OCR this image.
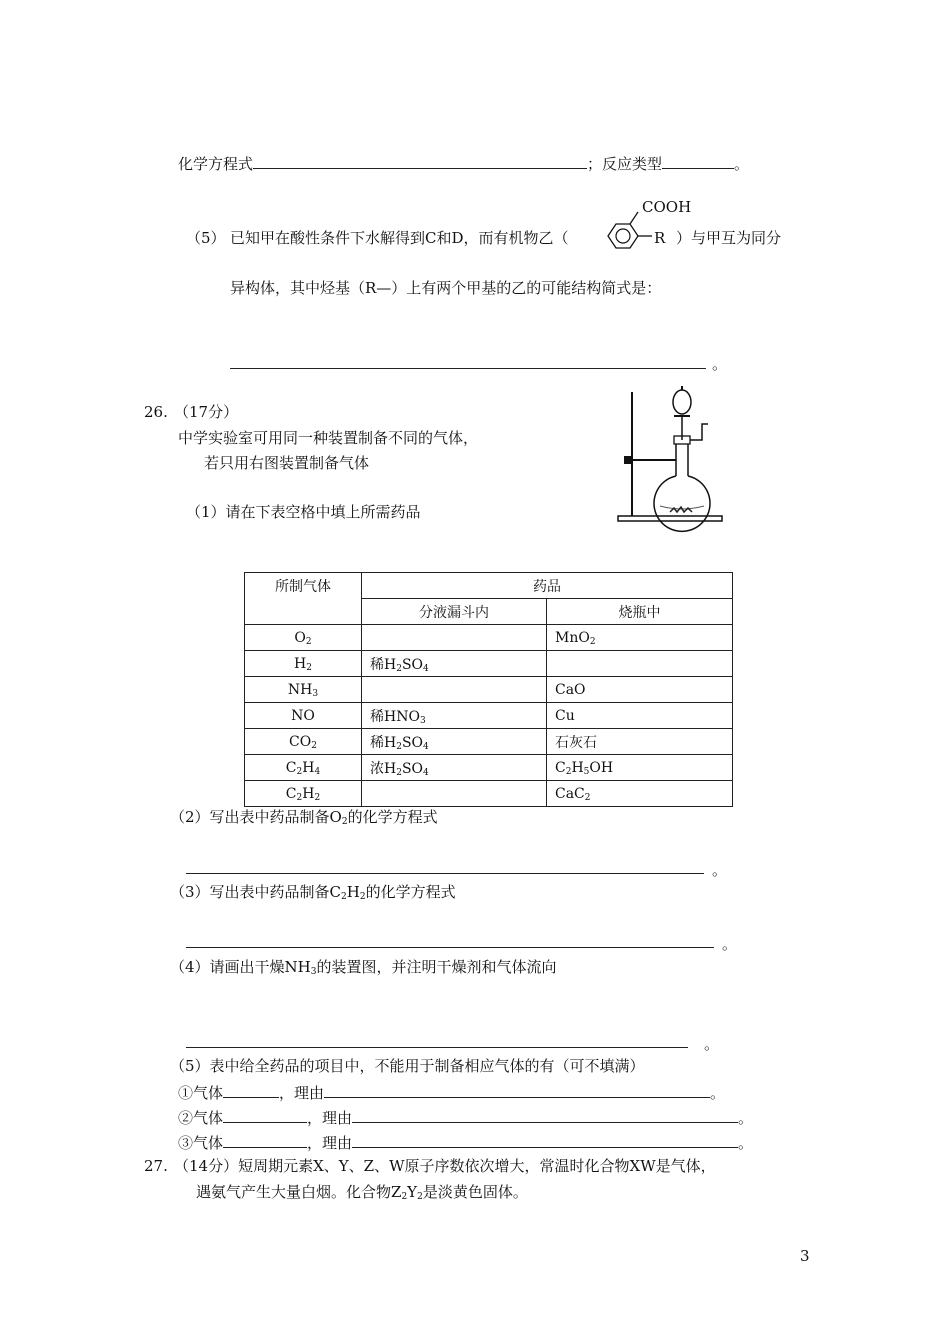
化学方程式	；反应类型	。
COOH
R
（5） 已知甲在酸性条件下水解得到C和D，而有机物乙（	）与甲互为同分
异构体，其中烃基（R—）上有两个甲基的乙的可能结构简式是：
。
26. （17分）
中学实验室可用同一种装置制备不同的气体，
若只用右图装置制备气体
（1）请在下表空格中填上所需药品
所制气体	药品	
	分液漏斗内	烧瓶中
$O_2$		MnO$_2$
$H_2$	稀$H_2SO_4$	
$NH_3$		CaO
NO	稀$HNO_3$	Cu
$CO_2$	稀$H_2SO_4$	石灰石
$C_2H_4$	浓$H_2SO_4$	$C_2H_5OH$
$C_2H_2$		CaC$_2$
（2）写出表中药品制备$O_2$的化学方程式
。
（3）写出表中药品制备$C_2H_2$的化学方程式
。
（4）请画出干燥$NH_3$的装置图，并注明干燥剂和气体流向
。
（5）表中给全药品的项目中，不能用于制备相应气体的有（可不填满）
①气体	，理由	。
②气体	，理由	。
③气体	，理由	。
27. （14分）短周期元素X、Y、Z、W原子序数依次增大，常温时化合物XW是气体，
遇氨气产生大量白烟。化合物$Z_2Y_2$是淡黄色固体。
3
